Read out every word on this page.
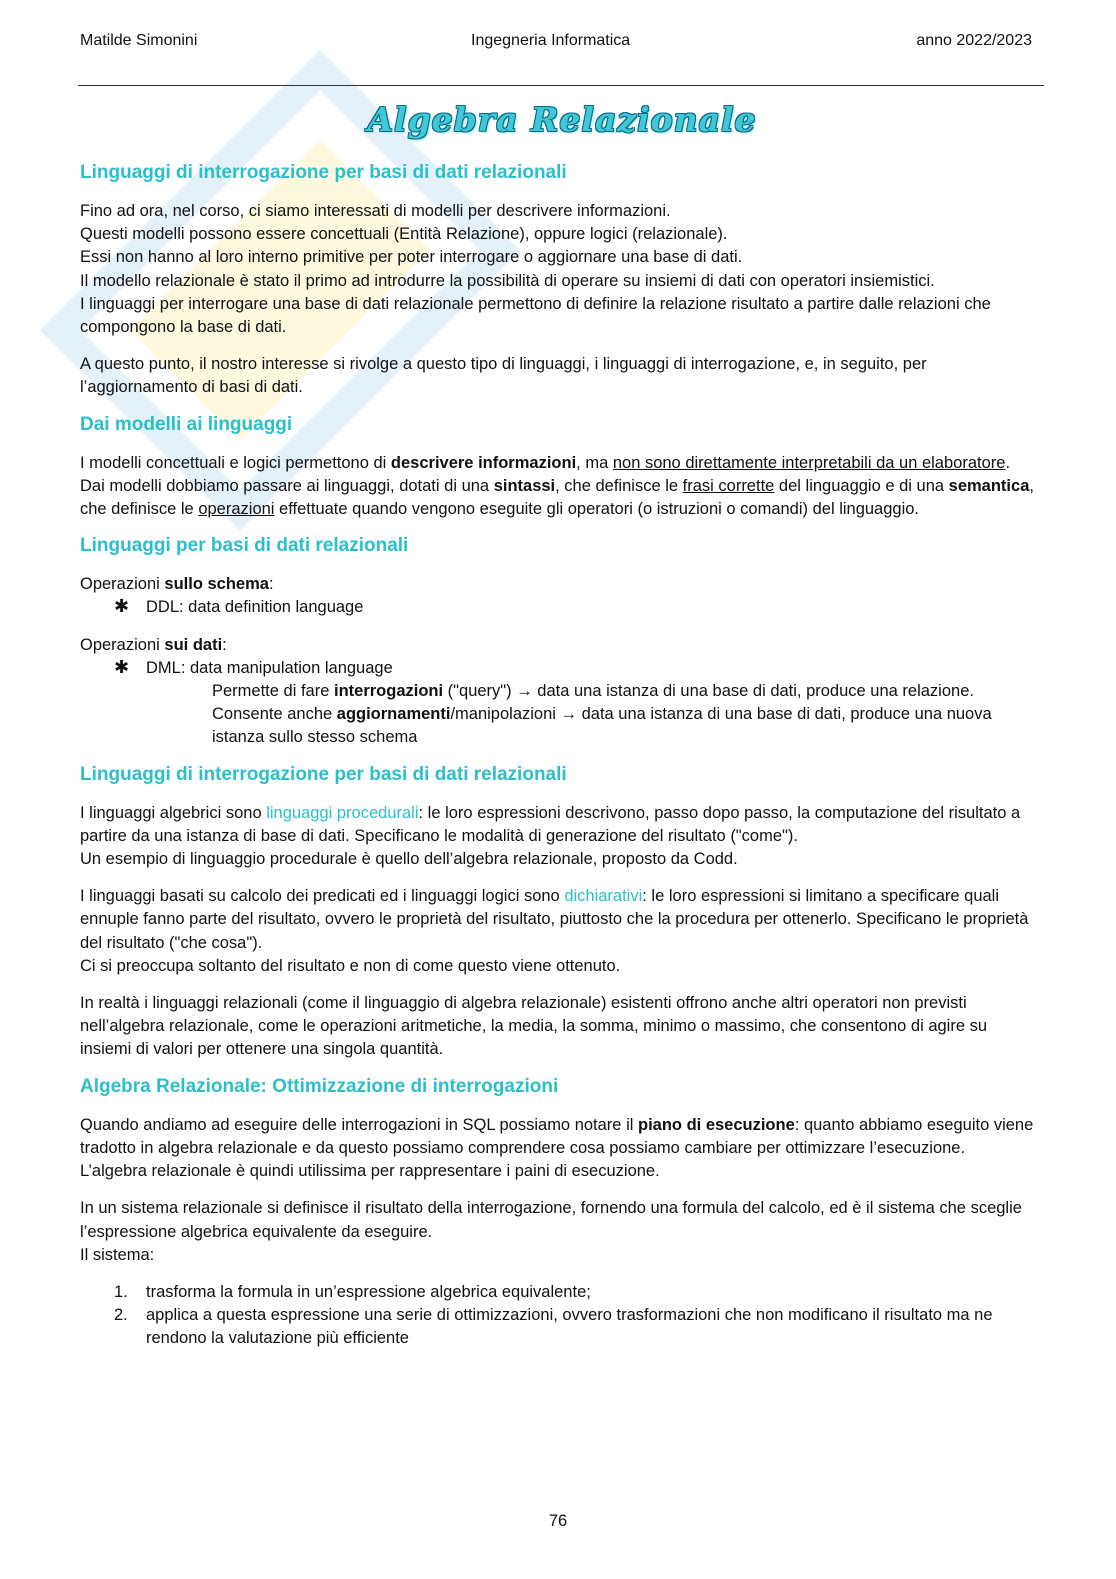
Matilde Simonini	Ingegneria Informatica	anno 2022/2023
Algebra Relazionale
Linguaggi di interrogazione per basi di dati relazionali

Fino ad ora, nel corso, ci siamo interessati di modelli per descrivere informazioni.

Questi modelli possono essere concettuali (Entità Relazione), oppure logici (relazionale).

Essi non hanno al loro interno primitive per poter interrogare o aggiornare una base di dati.

Il modello relazionale è stato il primo ad introdurre la possibilità di operare su insiemi di dati con operatori insiemistici.

I linguaggi per interrogare una base di dati relazionale permettono di definire la relazione risultato a partire dalle relazioni che compongono la base di dati.

A questo punto, il nostro interesse si rivolge a questo tipo di linguaggi, i linguaggi di interrogazione, e, in seguito, per l’aggiornamento di basi di dati.

Dai modelli ai linguaggi

I modelli concettuali e logici permettono di descrivere informazioni, ma non sono direttamente interpretabili da un elaboratore.

Dai modelli dobbiamo passare ai linguaggi, dotati di una sintassi, che definisce le frasi corrette del linguaggio e di una semantica, che definisce le operazioni effettuate quando vengono eseguite gli operatori (o istruzioni o comandi) del linguaggio.

Linguaggi per basi di dati relazionali

Operazioni sullo schema:

✱ DDL: data definition language

Operazioni sui dati:

✱ DML: data manipulation language

Permette di fare interrogazioni ("query") → data una istanza di una base di dati, produce una relazione.

Consente anche aggiornamenti/manipolazioni → data una istanza di una base di dati, produce una nuova istanza sullo stesso schema

Linguaggi di interrogazione per basi di dati relazionali

I linguaggi algebrici sono linguaggi procedurali: le loro espressioni descrivono, passo dopo passo, la computazione del risultato a partire da una istanza di base di dati. Specificano le modalità di generazione del risultato ("come").

Un esempio di linguaggio procedurale è quello dell’algebra relazionale, proposto da Codd.

I linguaggi basati su calcolo dei predicati ed i linguaggi logici sono dichiarativi: le loro espressioni si limitano a specificare quali ennuple fanno parte del risultato, ovvero le proprietà del risultato, piuttosto che la procedura per ottenerlo. Specificano le proprietà del risultato ("che cosa").

Ci si preoccupa soltanto del risultato e non di come questo viene ottenuto.

In realtà i linguaggi relazionali (come il linguaggio di algebra relazionale) esistenti offrono anche altri operatori non previsti nell’algebra relazionale, come le operazioni aritmetiche, la media, la somma, minimo o massimo, che consentono di agire su insiemi di valori per ottenere una singola quantità.

Algebra Relazionale: Ottimizzazione di interrogazioni

Quando andiamo ad eseguire delle interrogazioni in SQL possiamo notare il piano di esecuzione: quanto abbiamo eseguito viene tradotto in algebra relazionale e da questo possiamo comprendere cosa possiamo cambiare per ottimizzare l’esecuzione.

L’algebra relazionale è quindi utilissima per rappresentare i paini di esecuzione.

In un sistema relazionale si definisce il risultato della interrogazione, fornendo una formula del calcolo, ed è il sistema che sceglie l’espressione algebrica equivalente da eseguire.

Il sistema:

1. trasforma la formula in un’espressione algebrica equivalente;
2. applica a questa espressione una serie di ottimizzazioni, ovvero trasformazioni che non modificano il risultato ma ne rendono la valutazione più efficiente
76
